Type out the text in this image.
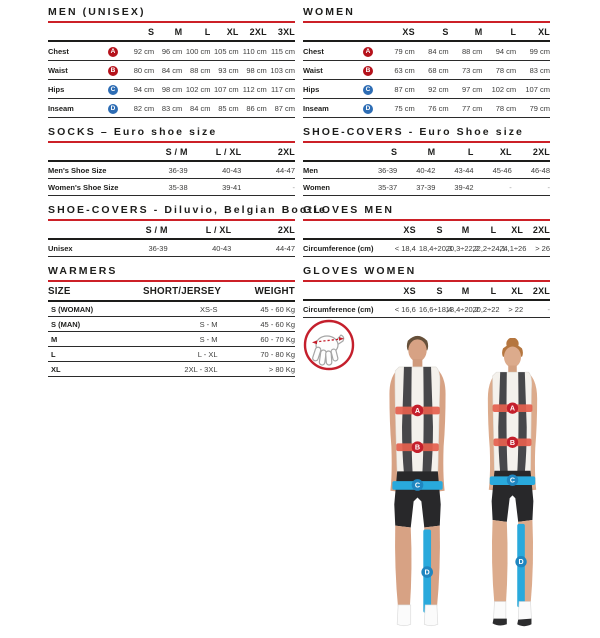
MEN (UNISEX)
		S	M	L	XL	2XL	3XL
Chest	A	92 cm	96 cm	100 cm	105 cm	110 cm	115 cm
Waist	B	80 cm	84 cm	88 cm	93 cm	98 cm	103 cm
Hips	C	94 cm	98 cm	102 cm	107 cm	112 cm	117 cm
Inseam	D	82 cm	83 cm	84 cm	85 cm	86 cm	87 cm
SOCKS – Euro shoe size
	S / M	L / XL	2XL
Men's Shoe Size	36-39	40-43	44-47
Women's Shoe Size	35-38	39-41	-
SHOE-COVERS - Diluvio, Belgian Bootie
	S / M	L / XL	2XL
Unisex	36-39	40-43	44-47
WARMERS
SIZE	SHORT/JERSEY	WEIGHT
S (WOMAN)	XS-S	45 - 60 Kg
S (MAN)	S - M	45 - 60 Kg
M	S - M	60 - 70 Kg
L	L - XL	70 - 80 Kg
XL	2XL - 3XL	> 80 Kg
WOMEN
		XS	S	M	L	XL
Chest	A	79 cm	84 cm	88 cm	94 cm	99 cm
Waist	B	63 cm	68 cm	73 cm	78 cm	83 cm
Hips	C	87 cm	92 cm	97 cm	102 cm	107 cm
Inseam	D	75 cm	76 cm	77 cm	78 cm	79 cm
SHOE-COVERS - Euro Shoe size
	S	M	L	XL	2XL
Men	36-39	40-42	43-44	45-46	46-48
Women	35-37	37-39	39-42	-	-
GLOVES MEN
	XS	S	M	L	XL	2XL
Circumference (cm)	< 18,4	18,4÷20,3	20,3÷22,2	22,2÷24,1	24,1÷26	> 26
GLOVES WOMEN
	XS	S	M	L	XL	2XL
Circumference (cm)	< 16,6	16,6÷18,4	18,4÷20,2	20,2÷22	> 22	-
A
B
C
D
A
B
C
D
